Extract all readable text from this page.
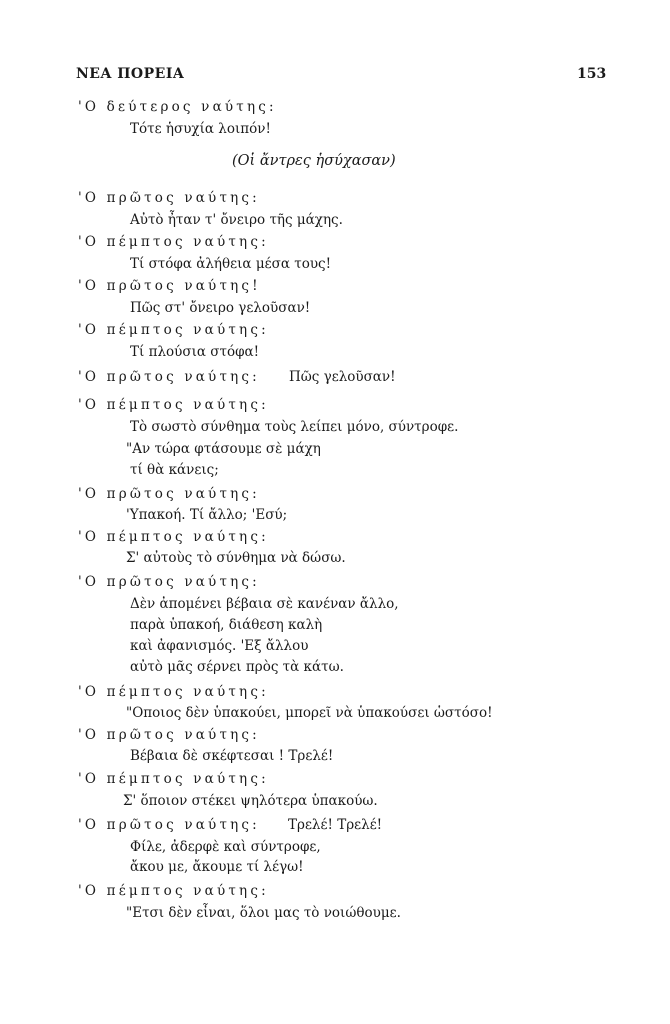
ΝΕΑ ΠΟΡΕΙΑ	153
'Ο δεύτερος ναύτης:
Τότε ἡσυχία λοιπόν!
(Οἱ ἄντρες ἡσύχασαν)
'Ο πρῶτος ναύτης:
Αὐτὸ ἦταν τ' ὄνειρο τῆς μάχης.
'Ο πέμπτος ναύτης:
Τί στόφα ἀλήθεια μέσα τους!
'Ο πρῶτος ναύτης!
Πῶς στ' ὄνειρο γελοῦσαν!
'Ο πέμπτος ναύτης:
Τί πλούσια στόφα!
'Ο πρῶτος ναύτης: Πῶς γελοῦσαν!
'Ο πέμπτος ναύτης:
Τὸ σωστὸ σύνθημα τοὺς λείπει μόνο, σύντροφε.
"Αν τώρα φτάσουμε σὲ μάχη
τί θὰ κάνεις;
'Ο πρῶτος ναύτης:
'Υπακοή. Τί ἄλλο; 'Εσύ;
'Ο πέμπτος ναύτης:
Σ' αὐτοὺς τὸ σύνθημα νὰ δώσω.
'Ο πρῶτος ναύτης:
Δὲν ἀπομένει βέβαια σὲ κανέναν ἄλλο,
παρὰ ὑπακοή, διάθεση καλὴ
καὶ ἀφανισμός. 'Εξ ἄλλου
αὐτὸ μᾶς σέρνει πρὸς τὰ κάτω.
'Ο πέμπτος ναύτης:
"Οποιος δὲν ὑπακούει, μπορεῖ νὰ ὑπακούσει ὡστόσο!
'Ο πρῶτος ναύτης:
Βέβαια δὲ σκέφτεσαι ! Τρελέ!
'Ο πέμπτος ναύτης:
Σ' ὅποιον στέκει ψηλότερα ὑπακούω.
'Ο πρῶτος ναύτης: Τρελέ! Τρελέ!
Φίλε, ἀδερφὲ καὶ σύντροφε,
ἄκου με, ἄκουμε τί λέγω!
'Ο πέμπτος ναύτης:
"Ετσι δὲν εἶναι, ὅλοι μας τὸ νοιώθουμε.
